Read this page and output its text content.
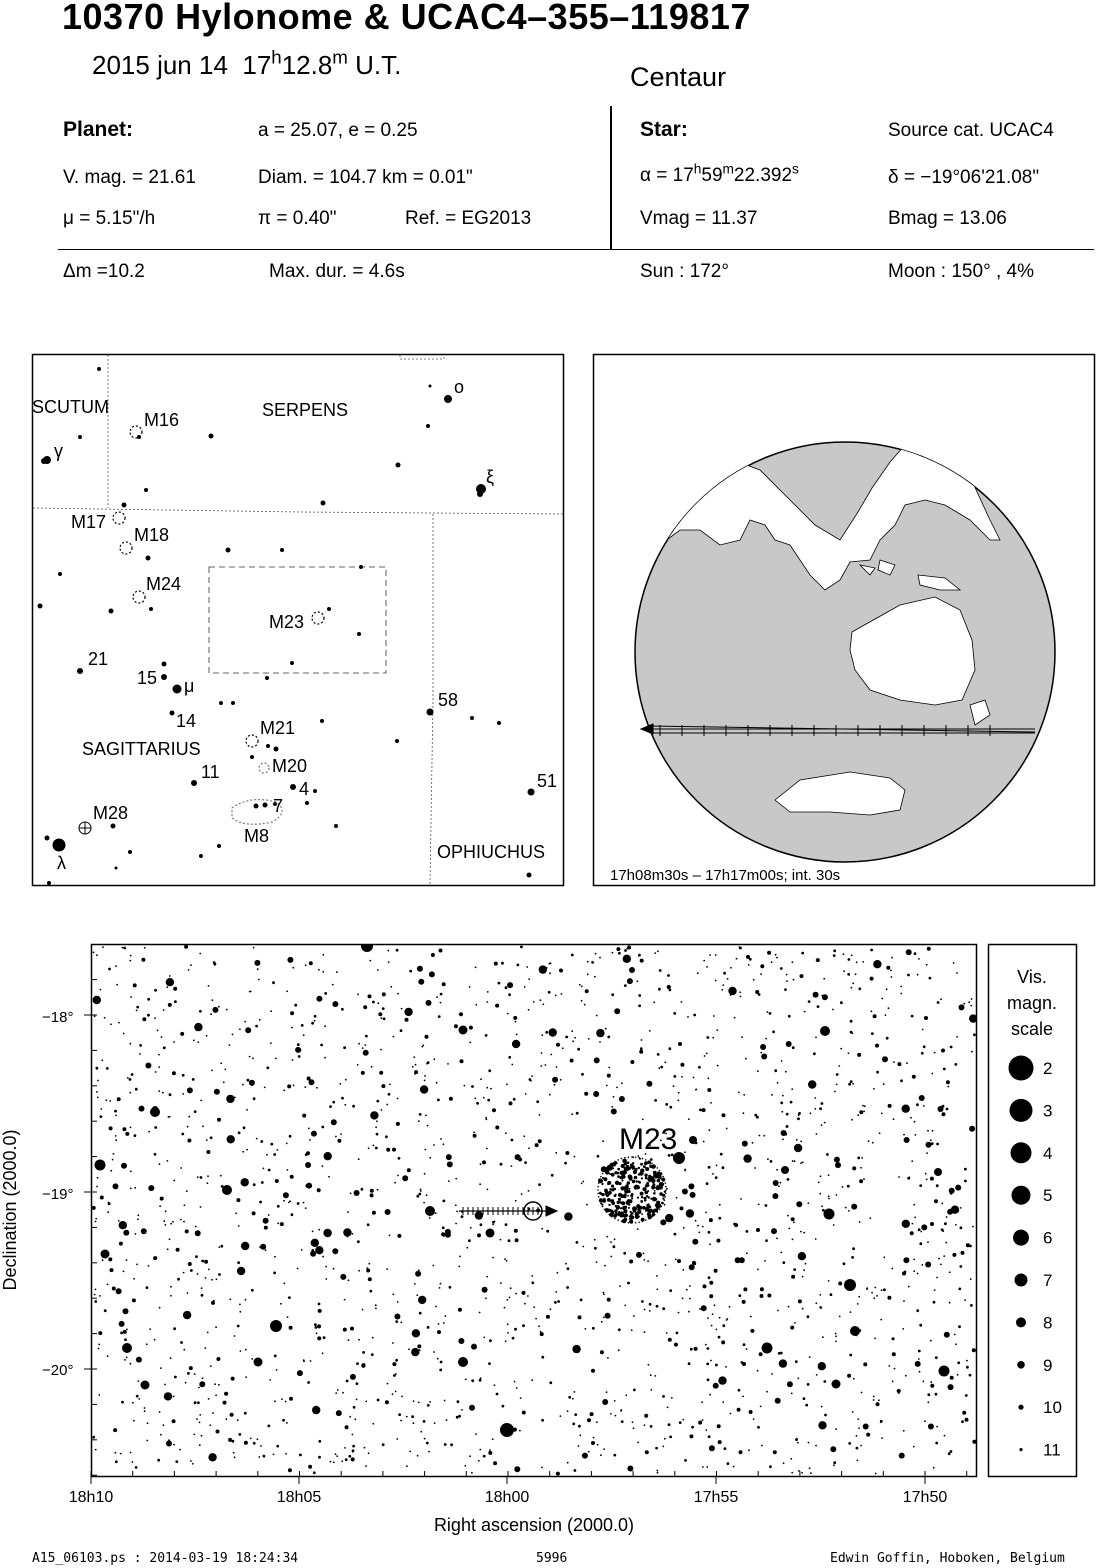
10370 Hylonome & UCAC4–355–119817
2015 jun 14 17$^h$12.8$^m$ U.T.	Centaur
Planet:	a = 25.07, e = 0.25
V. mag. = 21.61	Diam. = 104.7 km = 0.01"
μ = 5.15"/h	π = 0.40"	Ref. = EG2013
Star:	Source cat. UCAC4
$\alpha = 17^h59^m22.392^s$	δ = −19°06'21.08"
Vmag = 11.37	Bmag = 13.06
Δm =10.2	Max. dur. = 4.6s	Sun : 172°	Moon : 150° , 4%
SCUTUM	SERPENS
SAGITTARIUS
OPHIUCHUS
M16
M17
M18
M24
M23
M21
M20
M8
M28
21
15
14
11
58
51
4
7
μ
γ
ο
ξ
λ
17h08m30s – 17h17m00s; int. 30s
M23
18h10	18h05	18h00	17h55	17h50
−18°
−19°
−20°
Right ascension (2000.0)
Declination (2000.0)
Vis.
magn.
scale
2
3
4
5
6
7
8
9
10
11
A15_06103.ps : 2014-03-19 18:24:34	5996	Edwin Goffin, Hoboken, Belgium
